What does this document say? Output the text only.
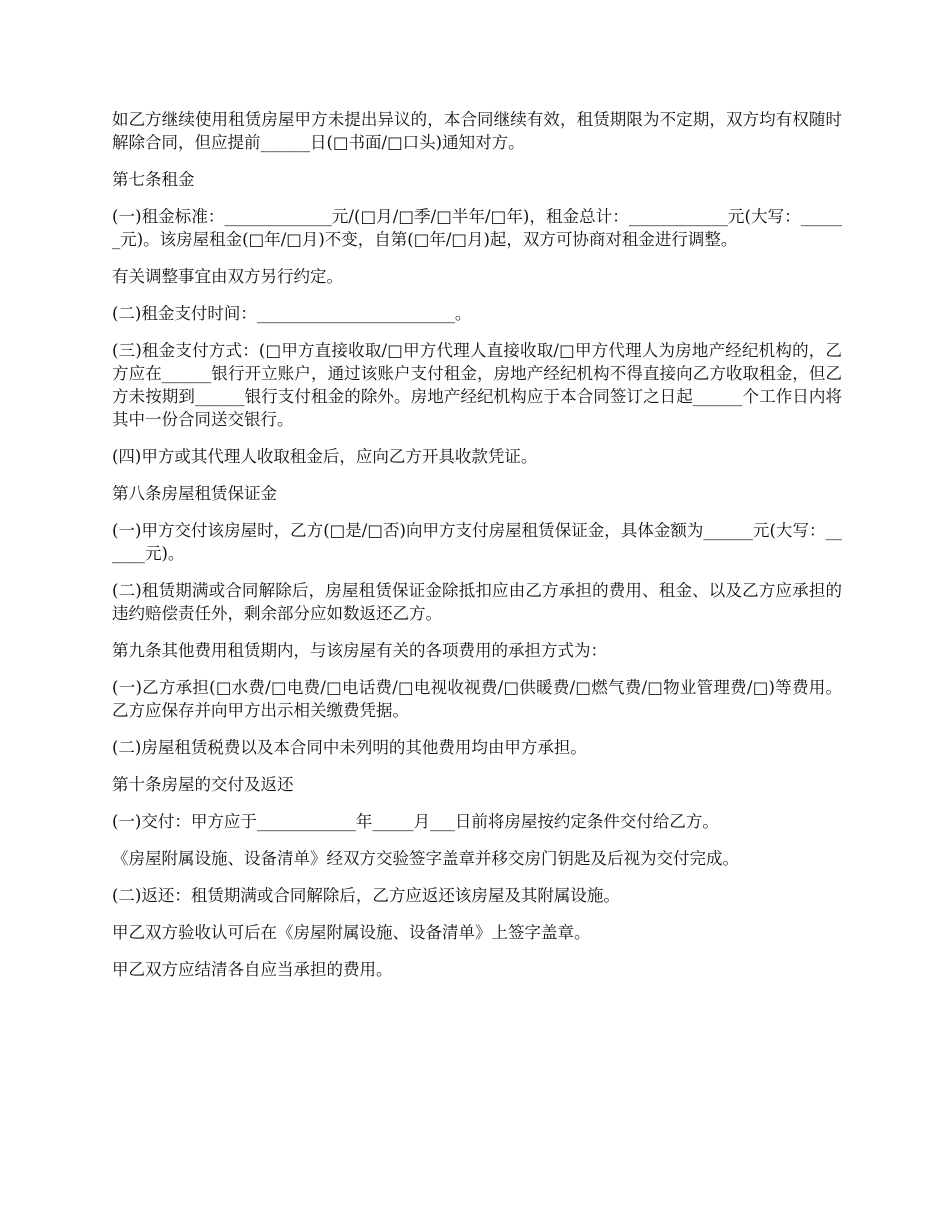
如乙方继续使用租赁房屋甲方未提出异议的，本合同继续有效，租赁期限为不定期，双方均有权随时解除合同，但应提前______日(□书面/□口头)通知对方。

第七条租金

(一)租金标准：_____________元/(□月/□季/□半年/□年)，租金总计：____________元(大写：______元)。该房屋租金(□年/□月)不变，自第(□年/□月)起，双方可协商对租金进行调整。

有关调整事宜由双方另行约定。

(二)租金支付时间：________________________。

(三)租金支付方式：(□甲方直接收取/□甲方代理人直接收取/□甲方代理人为房地产经纪机构的，乙方应在______银行开立账户，通过该账户支付租金，房地产经纪机构不得直接向乙方收取租金，但乙方未按期到______银行支付租金的除外。房地产经纪机构应于本合同签订之日起______个工作日内将其中一份合同送交银行。

(四)甲方或其代理人收取租金后，应向乙方开具收款凭证。

第八条房屋租赁保证金

(一)甲方交付该房屋时，乙方(□是/□否)向甲方支付房屋租赁保证金，具体金额为______元(大写：______元)。

(二)租赁期满或合同解除后，房屋租赁保证金除抵扣应由乙方承担的费用、租金、以及乙方应承担的违约赔偿责任外，剩余部分应如数返还乙方。

第九条其他费用租赁期内，与该房屋有关的各项费用的承担方式为：

(一)乙方承担(□水费/□电费/□电话费/□电视收视费/□供暖费/□燃气费/□物业管理费/□)等费用。乙方应保存并向甲方出示相关缴费凭据。

(二)房屋租赁税费以及本合同中未列明的其他费用均由甲方承担。

第十条房屋的交付及返还

(一)交付：甲方应于____________年_____月___日前将房屋按约定条件交付给乙方。

《房屋附属设施、设备清单》经双方交验签字盖章并移交房门钥匙及后视为交付完成。

(二)返还：租赁期满或合同解除后，乙方应返还该房屋及其附属设施。

甲乙双方验收认可后在《房屋附属设施、设备清单》上签字盖章。

甲乙双方应结清各自应当承担的费用。
